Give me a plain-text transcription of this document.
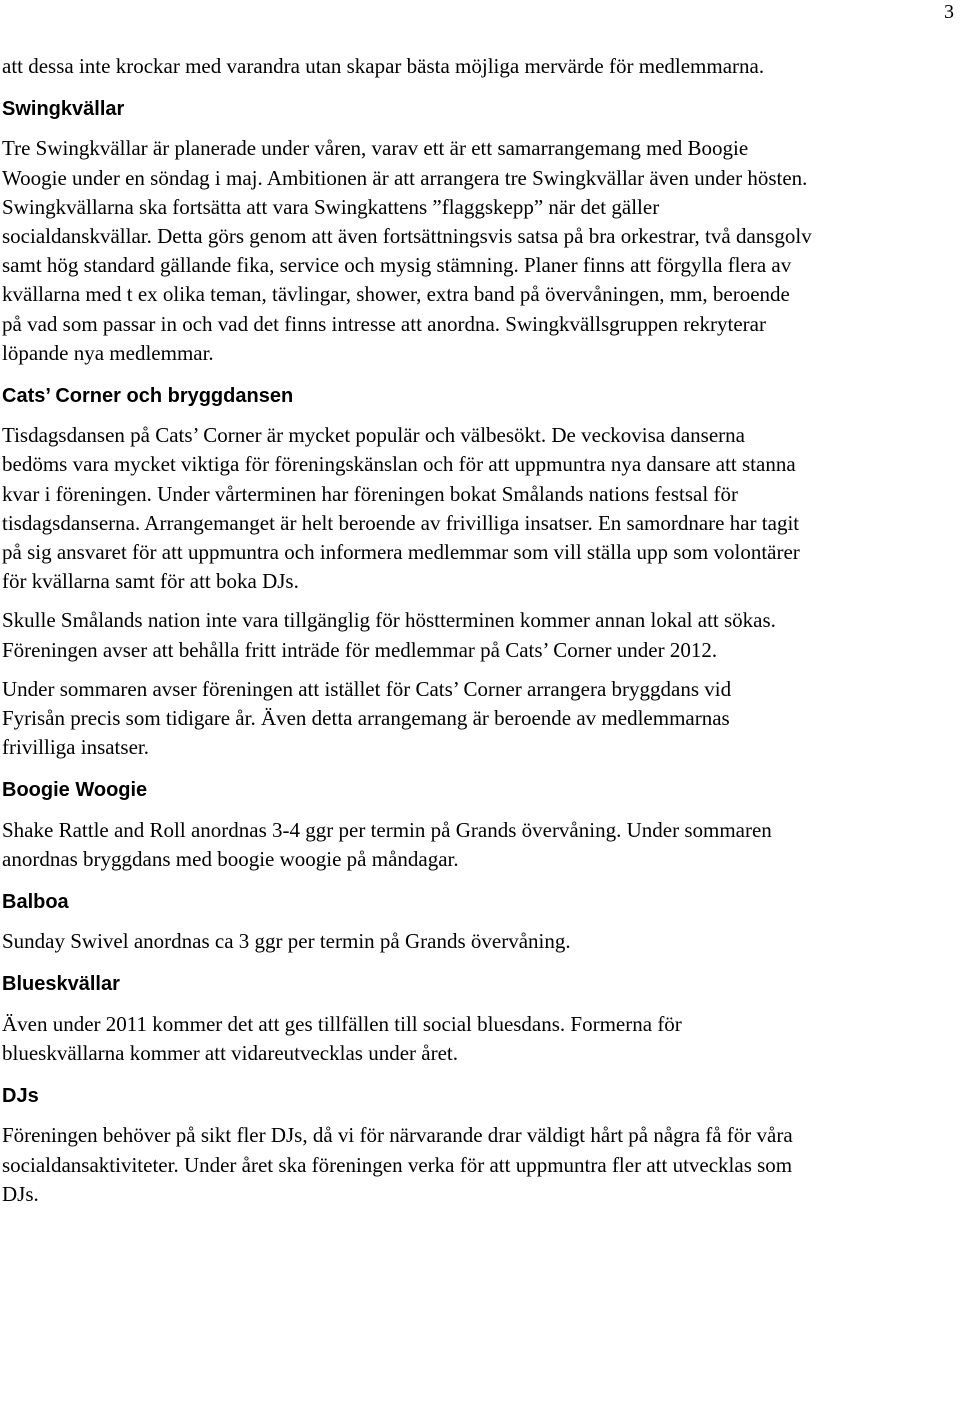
3

att dessa inte krockar med varandra utan skapar bästa möjliga mervärde för medlemmarna.

Swingkvällar

Tre Swingkvällar är planerade under våren, varav ett är ett samarrangemang med Boogie Woogie under en söndag i maj. Ambitionen är att arrangera tre Swingkvällar även under hösten. Swingkvällarna ska fortsätta att vara Swingkattens ”flaggskepp” när det gäller socialdanskvällar. Detta görs genom att även fortsättningsvis satsa på bra orkestrar, två dansgolv samt hög standard gällande fika, service och mysig stämning. Planer finns att förgylla flera av kvällarna med t ex olika teman, tävlingar, shower, extra band på övervåningen, mm, beroende på vad som passar in och vad det finns intresse att anordna. Swingkvällsgruppen rekryterar löpande nya medlemmar.

Cats’ Corner och bryggdansen

Tisdagsdansen på Cats’ Corner är mycket populär och välbesökt. De veckovisa danserna bedöms vara mycket viktiga för föreningskänslan och för att uppmuntra nya dansare att stanna kvar i föreningen. Under vårterminen har föreningen bokat Smålands nations festsal för tisdagsdanserna. Arrangemanget är helt beroende av frivilliga insatser. En samordnare har tagit på sig ansvaret för att uppmuntra och informera medlemmar som vill ställa upp som volontärer för kvällarna samt för att boka DJs.

Skulle Smålands nation inte vara tillgänglig för höstterminen kommer annan lokal att sökas. Föreningen avser att behålla fritt inträde för medlemmar på Cats’ Corner under 2012.

Under sommaren avser föreningen att istället för Cats’ Corner arrangera bryggdans vid Fyrisån precis som tidigare år. Även detta arrangemang är beroende av medlemmarnas frivilliga insatser.

Boogie Woogie

Shake Rattle and Roll anordnas 3-4 ggr per termin på Grands övervåning. Under sommaren anordnas bryggdans med boogie woogie på måndagar.

Balboa

Sunday Swivel anordnas ca 3 ggr per termin på Grands övervåning.

Blueskvällar

Även under 2011 kommer det att ges tillfällen till social bluesdans. Formerna för blueskvällarna kommer att vidareutvecklas under året.

DJs

Föreningen behöver på sikt fler DJs, då vi för närvarande drar väldigt hårt på några få för våra socialdansaktiviteter. Under året ska föreningen verka för att uppmuntra fler att utvecklas som DJs.
